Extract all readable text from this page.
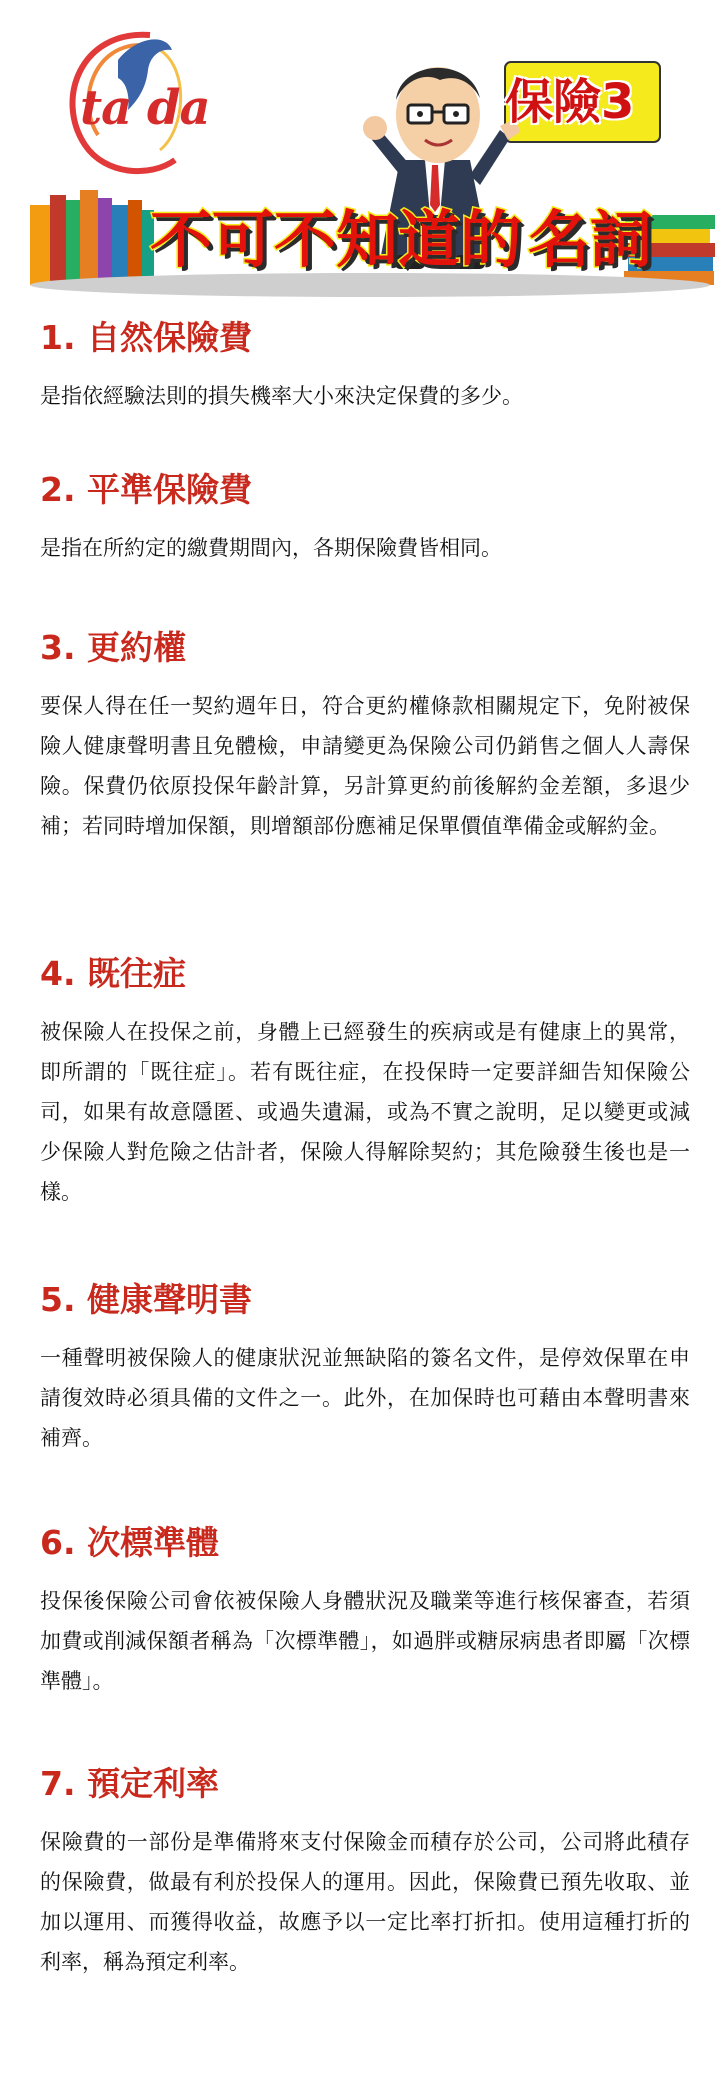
ta da	保險3
不可不知道的 名詞
1. 自然保險費

是指依經驗法則的損失機率大小來決定保費的多少。

2. 平準保險費

是指在所約定的繳費期間內，各期保險費皆相同。

3. 更約權

要保人得在任一契約週年日，符合更約權條款相關規定下，免附被保險人健康聲明書且免體檢，申請變更為保險公司仍銷售之個人人壽保險。保費仍依原投保年齡計算，另計算更約前後解約金差額，多退少補；若同時增加保額，則增額部份應補足保單價值準備金或解約金。

4. 既往症

被保險人在投保之前，身體上已經發生的疾病或是有健康上的異常，即所謂的「既往症」。若有既往症，在投保時一定要詳細告知保險公司，如果有故意隱匿、或過失遺漏，或為不實之說明，足以變更或減少保險人對危險之估計者，保險人得解除契約；其危險發生後也是一樣。

5. 健康聲明書

一種聲明被保險人的健康狀況並無缺陷的簽名文件，是停效保單在申請復效時必須具備的文件之一。此外，在加保時也可藉由本聲明書來補齊。

6. 次標準體

投保後保險公司會依被保險人身體狀況及職業等進行核保審查，若須加費或削減保額者稱為「次標準體」，如過胖或糖尿病患者即屬「次標準體」。

7. 預定利率

保險費的一部份是準備將來支付保險金而積存於公司，公司將此積存的保險費，做最有利於投保人的運用。因此，保險費已預先收取、並加以運用、而獲得收益，故應予以一定比率打折扣。使用這種打折的利率，稱為預定利率。
